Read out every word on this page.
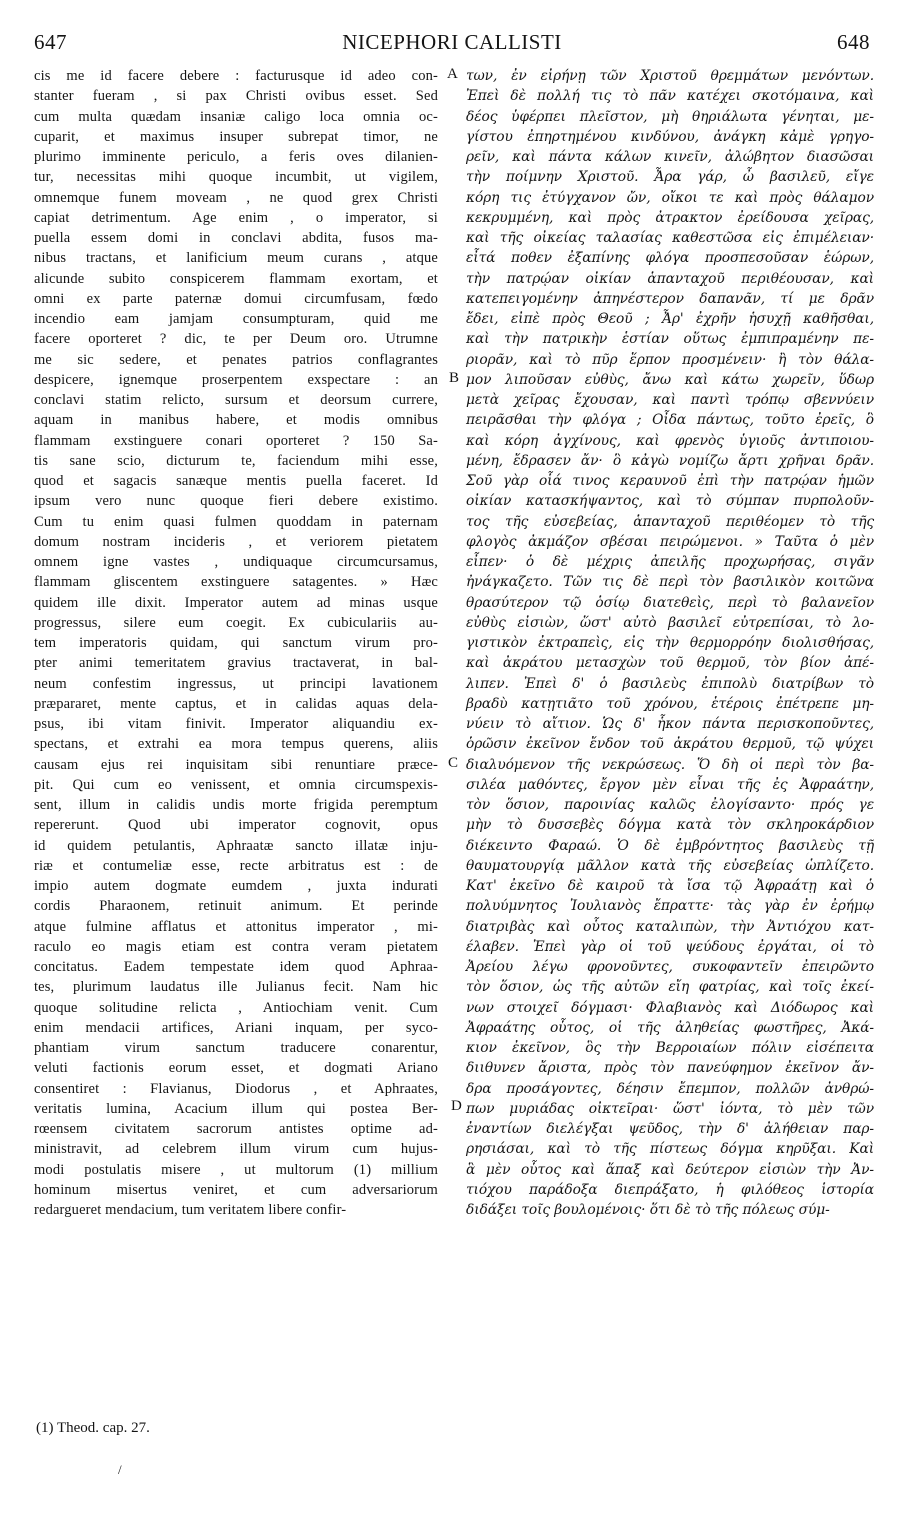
647	NICEPHORI CALLISTI	648
cis me id facere debere : facturusque id adeo con-
stanter fueram , si pax Christi ovibus esset. Sed
cum multa quædam insaniæ caligo loca omnia oc-
cuparit, et maximus insuper subrepat timor, ne
plurimo imminente periculo, a feris oves dilanien-
tur, necessitas mihi quoque incumbit, ut vigilem,
omnemque funem moveam , ne quod grex Christi
capiat detrimentum. Age enim , o imperator, si
puella essem domi in conclavi abdita, fusos ma-
nibus tractans, et lanificium meum curans , atque
alicunde subito conspicerem flammam exortam, et
omni ex parte paternæ domui circumfusam, fœdo
incendio eam jamjam consumpturam, quid me
facere oporteret ? dic, te per Deum oro. Utrumne
me sic sedere, et penates patrios conflagrantes
despicere, ignemque proserpentem exspectare : an
conclavi statim relicto, sursum et deorsum currere,
aquam in manibus habere, et modis omnibus
flammam exstinguere conari oporteret ? 150 Sa-
tis sane scio, dicturum te, faciendum mihi esse,
quod et sagacis sanæque mentis puella faceret. Id
ipsum vero nunc quoque fieri debere existimo.
Cum tu enim quasi fulmen quoddam in paternam
domum nostram incideris , et veriorem pietatem
omnem igne vastes , undiquaque circumcursamus,
flammam gliscentem exstinguere satagentes. » Hæc
quidem ille dixit. Imperator autem ad minas usque
progressus, silere eum coegit. Ex cubiculariis au-
tem imperatoris quidam, qui sanctum virum pro-
pter animi temeritatem gravius tractaverat, in bal-
neum confestim ingressus, ut principi lavationem
præpararet, mente captus, et in calidas aquas dela-
psus, ibi vitam finivit. Imperator aliquandiu ex-
spectans, et extrahi ea mora tempus querens, aliis
causam ejus rei inquisitam sibi renuntiare præce-
pit. Qui cum eo venissent, et omnia circumspexis-
sent, illum in calidis undis morte frigida peremptum
repererunt. Quod ubi imperator cognovit, opus
id quidem petulantis, Aphraatæ sancto illatæ inju-
riæ et contumeliæ esse, recte arbitratus est : de
impio autem dogmate eumdem , juxta indurati
cordis Pharaonem, retinuit animum. Et perinde
atque fulmine afflatus et attonitus imperator , mi-
raculo eo magis etiam est contra veram pietatem
concitatus. Eadem tempestate idem quod Aphraa-
tes, plurimum laudatus ille Julianus fecit. Nam hic
quoque solitudine relicta , Antiochiam venit. Cum
enim mendacii artifices, Ariani inquam, per syco-
phantiam virum sanctum traducere conarentur,
veluti factionis eorum esset, et dogmati Ariano
consentiret : Flavianus, Diodorus , et Aphraates,
veritatis lumina, Acacium illum qui postea Ber-
rœensem civitatem sacrorum antistes optime ad-
ministravit, ad celebrem illum virum cum hujus-
modi postulatis misere , ut multorum (1) millium
hominum misertus veniret, et cum adversariorum
redargueret mendacium, tum veritatem libere confir-
των, ἐν εἰρήνῃ τῶν Χριστοῦ θρεμμάτων μενόντων.
Ἐπεὶ δὲ πολλή τις τὸ πᾶν κατέχει σκοτόμαινα, καὶ
δέος ὑφέρπει πλεῖστον, μὴ θηριάλωτα γένηται, με-
γίστου ἐπηρτημένου κινδύνου, ἀνάγκη κἀμὲ γρηγο-
ρεῖν, καὶ πάντα κάλων κινεῖν, ἀλώβητον διασῶσαι
τὴν ποίμνην Χριστοῦ. Ἆρα γάρ, ὦ βασιλεῦ, εἴγε
κόρη τις ἐτύγχανον ὤν, οἴκοι τε καὶ πρὸς θάλαμον
κεκρυμμένη, καὶ πρὸς ἀτρακτον ἐρείδουσα χεῖρας,
καὶ τῆς οἰκείας ταλασίας καθεστῶσα εἰς ἐπιμέλειαν·
εἶτά ποθεν ἐξαπίνης φλόγα προσπεσοῦσαν ἑώρων,
τὴν πατρῴαν οἰκίαν ἁπανταχοῦ περιθέουσαν, καὶ
κατεπειγομένην ἀπηνέστερον δαπανᾶν, τί με δρᾶν
ἔδει, εἰπὲ πρὸς Θεοῦ ; Ἆρ' ἐχρῆν ἡσυχῇ καθῆσθαι,
καὶ τὴν πατρικὴν ἑστίαν οὕτως ἐμπιπραμένην πε-
ριορᾶν, καὶ τὸ πῦρ ἕρπον προσμένειν· ἢ τὸν θάλα-
μον λιποῦσαν εὐθὺς, ἄνω καὶ κάτω χωρεῖν, ὕδωρ
μετὰ χεῖρας ἔχουσαν, καὶ παντὶ τρόπῳ σβεννύειν
πειρᾶσθαι τὴν φλόγα ; Οἶδα πάντως, τοῦτο ἐρεῖς, ὃ
καὶ κόρη ἀγχίνους, καὶ φρενὸς ὑγιοῦς ἀντιποιου-
μένη, ἔδρασεν ἄν· ὃ κἀγὼ νομίζω ἄρτι χρῆναι δρᾶν.
Σοῦ γὰρ οἷά τινος κεραυνοῦ ἐπὶ τὴν πατρῴαν ἡμῶν
οἰκίαν κατασκήψαντος, καὶ τὸ σύμπαν πυρπολοῦν-
τος τῆς εὐσεβείας, ἁπανταχοῦ περιθέομεν τὸ τῆς
φλογὸς ἀκμάζον σβέσαι πειρώμενοι. » Ταῦτα ὁ μὲν
εἶπεν· ὁ δὲ μέχρις ἀπειλῆς προχωρήσας, σιγᾶν
ἠνάγκαζετο. Τῶν τις δὲ περὶ τὸν βασιλικὸν κοιτῶνα
θρασύτερον τῷ ὁσίῳ διατεθεὶς, περὶ τὸ βαλανεῖον
εὐθὺς εἰσιὼν, ὥστ' αὐτὸ βασιλεῖ εὐτρεπίσαι, τὸ λο-
γιστικὸν ἐκτραπεὶς, εἰς τὴν θερμορρόην διολισθήσας,
καὶ ἀκράτου μετασχὼν τοῦ θερμοῦ, τὸν βίον ἀπέ-
λιπεν. Ἐπεὶ δ' ὁ βασιλεὺς ἐπιπολὺ διατρίβων τὸ
βραδὺ κατῃτιᾶτο τοῦ χρόνου, ἑτέροις ἐπέτρεπε μη-
νύειν τὸ αἴτιον. Ὡς δ' ἧκον πάντα περισκοποῦντες,
ὁρῶσιν ἐκεῖνον ἔνδον τοῦ ἀκράτου θερμοῦ, τῷ ψύχει
διαλυόμενον τῆς νεκρώσεως. Ὅ δὴ οἱ περὶ τὸν βα-
σιλέα μαθόντες, ἔργον μὲν εἶναι τῆς ἐς Ἀφραάτην,
τὸν ὅσιον, παροινίας καλῶς ἐλογίσαντο· πρός γε
μὴν τὸ δυσσεβὲς δόγμα κατὰ τὸν σκληροκάρδιον
διέκειντο Φαραώ. Ὁ δὲ ἐμβρόντητος βασιλεὺς τῇ
θαυματουργίᾳ μᾶλλον κατὰ τῆς εὐσεβείας ὡπλίζετο.
Κατ' ἐκεῖνο δὲ καιροῦ τὰ ἴσα τῷ Ἀφραάτῃ καὶ ὁ
πολυύμνητος Ἰουλιανὸς ἔπραττε· τὰς γὰρ ἐν ἐρήμῳ
διατριβὰς καὶ οὗτος καταλιπὼν, τὴν Ἀντιόχου κατ-
έλαβεν. Ἐπεὶ γὰρ οἱ τοῦ ψεύδους ἐργάται, οἱ τὸ
Ἀρείου λέγω φρονοῦντες, συκοφαντεῖν ἐπειρῶντο
τὸν ὅσιον, ὡς τῆς αὐτῶν εἴη φατρίας, καὶ τοῖς ἐκεί-
νων στοιχεῖ δόγμασι· Φλαβιανὸς καὶ Διόδωρος καὶ
Ἀφραάτης οὗτος, οἱ τῆς ἀληθείας φωστῆρες, Ἀκά-
κιον ἐκεῖνον, ὃς τὴν Βερροιαίων πόλιν εἰσέπειτα
διιθυνεν ἄριστα, πρὸς τὸν πανεύφημον ἐκεῖνον ἄν-
δρα προσάγοντες, δέησιν ἔπεμπον, πολλῶν ἀνθρώ-
πων μυριάδας οἰκτεῖραι· ὥστ' ἰόντα, τὸ μὲν τῶν
ἐναντίων διελέγξαι ψεῦδος, τὴν δ' ἀλήθειαν παρ-
ρησιάσαι, καὶ τὸ τῆς πίστεως δόγμα κηρῦξαι. Καὶ
ἃ μὲν οὗτος καὶ ἅπαξ καὶ δεύτερον εἰσιὼν τὴν Ἀν-
τιόχου παράδοξα διεπράξατο, ἡ φιλόθεος ἱστορία
διδάξει τοῖς βουλομένοις· ὅτι δὲ τὸ τῆς πόλεως σύμ-
A
B
C
D
(1) Theod. cap. 27.
/
